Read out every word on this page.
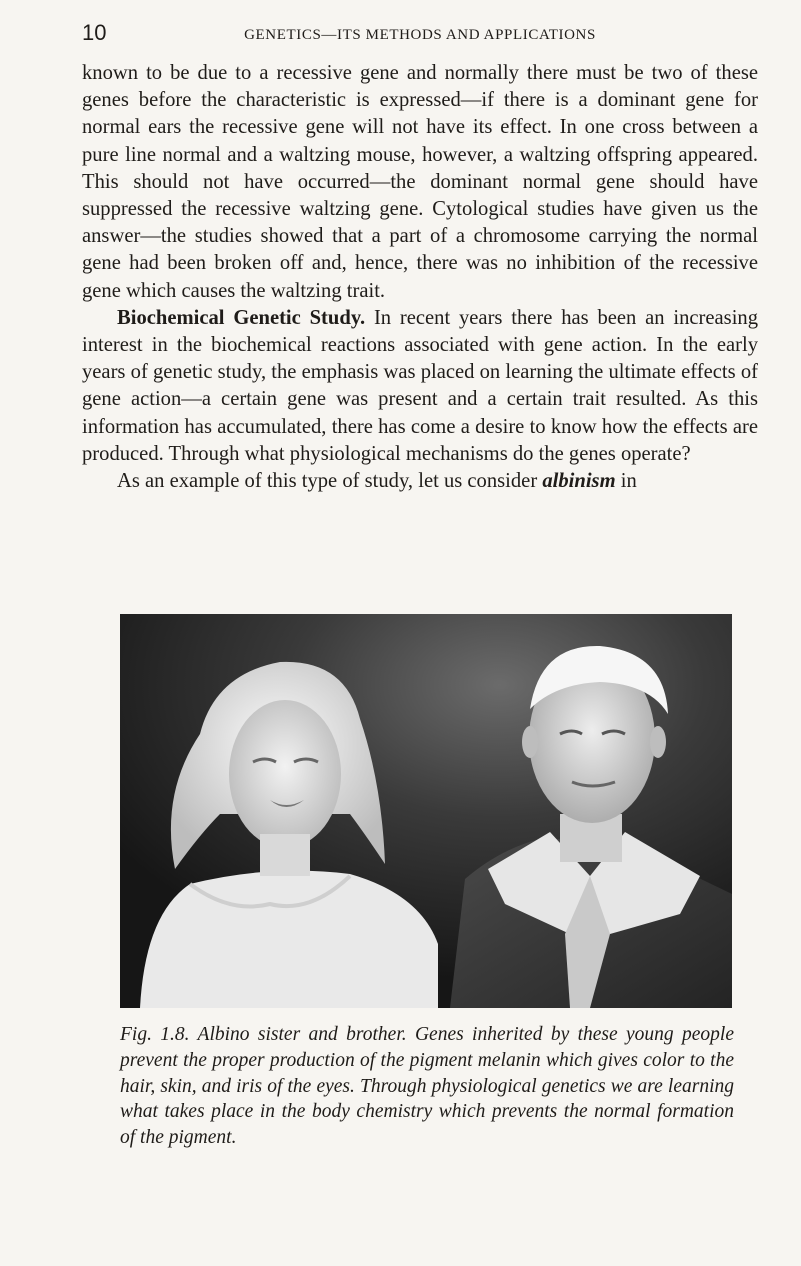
10	GENETICS—ITS METHODS AND APPLICATIONS

known to be due to a recessive gene and normally there must be two of these genes before the characteristic is expressed—if there is a dominant gene for normal ears the recessive gene will not have its effect. In one cross between a pure line normal and a waltzing mouse, however, a waltzing offspring appeared. This should not have occurred—the dominant normal gene should have suppressed the recessive waltzing gene. Cytological studies have given us the answer—the studies showed that a part of a chromosome carrying the normal gene had been broken off and, hence, there was no inhibition of the recessive gene which causes the waltzing trait.

Biochemical Genetic Study. In recent years there has been an increasing interest in the biochemical reactions associated with gene action. In the early years of genetic study, the emphasis was placed on learning the ultimate effects of gene action—a certain gene was present and a certain trait resulted. As this information has accumulated, there has come a desire to know how the effects are produced. Through what physiological mechanisms do the genes operate?

As an example of this type of study, let us consider albinism in

Fig. 1.8. Albino sister and brother. Genes inherited by these young people prevent the proper production of the pigment melanin which gives color to the hair, skin, and iris of the eyes. Through physiological genetics we are learning what takes place in the body chemistry which prevents the normal formation of the pigment.
